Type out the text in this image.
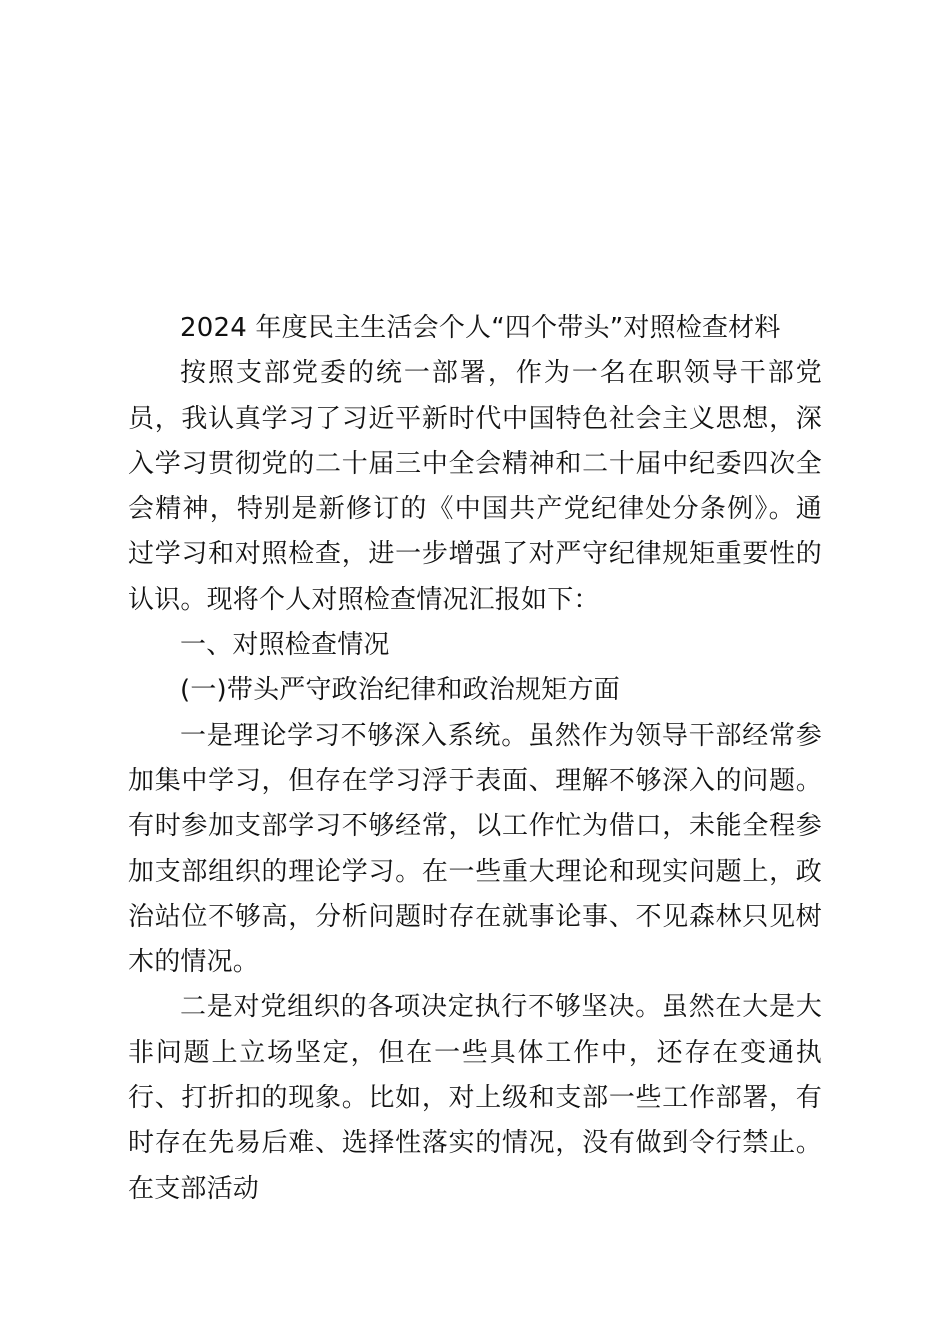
2024 年度民主生活会个人“四个带头”对照检查材料

按照支部党委的统一部署，作为一名在职领导干部党员，我认真学习了习近平新时代中国特色社会主义思想，深入学习贯彻党的二十届三中全会精神和二十届中纪委四次全会精神，特别是新修订的《中国共产党纪律处分条例》。通过学习和对照检查，进一步增强了对严守纪律规矩重要性的认识。现将个人对照检查情况汇报如下：

一、对照检查情况

(一)带头严守政治纪律和政治规矩方面

一是理论学习不够深入系统。虽然作为领导干部经常参加集中学习，但存在学习浮于表面、理解不够深入的问题。有时参加支部学习不够经常，以工作忙为借口，未能全程参加支部组织的理论学习。在一些重大理论和现实问题上，政治站位不够高，分析问题时存在就事论事、不见森林只见树木的情况。

二是对党组织的各项决定执行不够坚决。虽然在大是大非问题上立场坚定，但在一些具体工作中，还存在变通执行、打折扣的现象。比如，对上级和支部一些工作部署，有时存在先易后难、选择性落实的情况，没有做到令行禁止。在支部活动
